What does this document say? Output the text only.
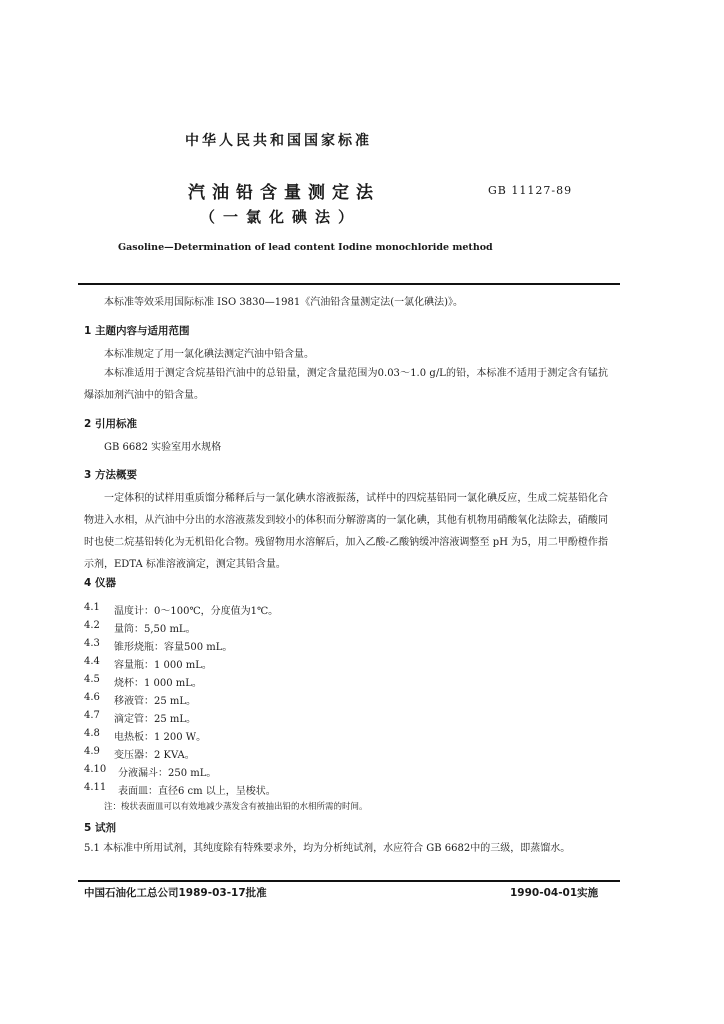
中华人民共和国国家标准
汽油铅含量测定法	GB 11127-89
（一氯化碘法）
Gasoline—Determination of lead content Iodine monochloride method
本标准等效采用国际标准 ISO 3830—1981《汽油铅含量测定法(一氯化碘法)》。
1 主题内容与适用范围
本标准规定了用一氯化碘法测定汽油中铅含量。
本标准适用于测定含烷基铅汽油中的总铅量，测定含量范围为0.03～1.0 g/L的铅，本标准不适用于测定含有锰抗爆添加剂汽油中的铅含量。
2 引用标准
GB 6682 实验室用水规格
3 方法概要
一定体积的试样用重质馏分稀释后与一氯化碘水溶液振荡，试样中的四烷基铅同一氯化碘反应，生成二烷基铅化合物进入水相，从汽油中分出的水溶液蒸发到较小的体积而分解游离的一氯化碘，其他有机物用硝酸氧化法除去，硝酸同时也使二烷基铅转化为无机铅化合物。残留物用水溶解后，加入乙酸-乙酸钠缓冲溶液调整至 pH 为5，用二甲酚橙作指示剂，EDTA 标准溶液滴定，测定其铅含量。
4 仪器
4.1 温度计：0～100℃，分度值为1℃。
4.2 量筒：5,50 mL。
4.3 锥形烧瓶：容量500 mL。
4.4 容量瓶：1 000 mL。
4.5 烧杯：1 000 mL。
4.6 移液管：25 mL。
4.7 滴定管：25 mL。
4.8 电热板：1 200 W。
4.9 变压器：2 KVA。
4.10 分液漏斗：250 mL。
4.11 表面皿：直径6 cm 以上，呈梭状。
注：梭状表面皿可以有效地减少蒸发含有被抽出铅的水相所需的时间。
5 试剂
5.1 本标准中所用试剂，其纯度除有特殊要求外，均为分析纯试剂，水应符合 GB 6682中的三级，即蒸馏水。
中国石油化工总公司1989-03-17批准	1990-04-01实施
